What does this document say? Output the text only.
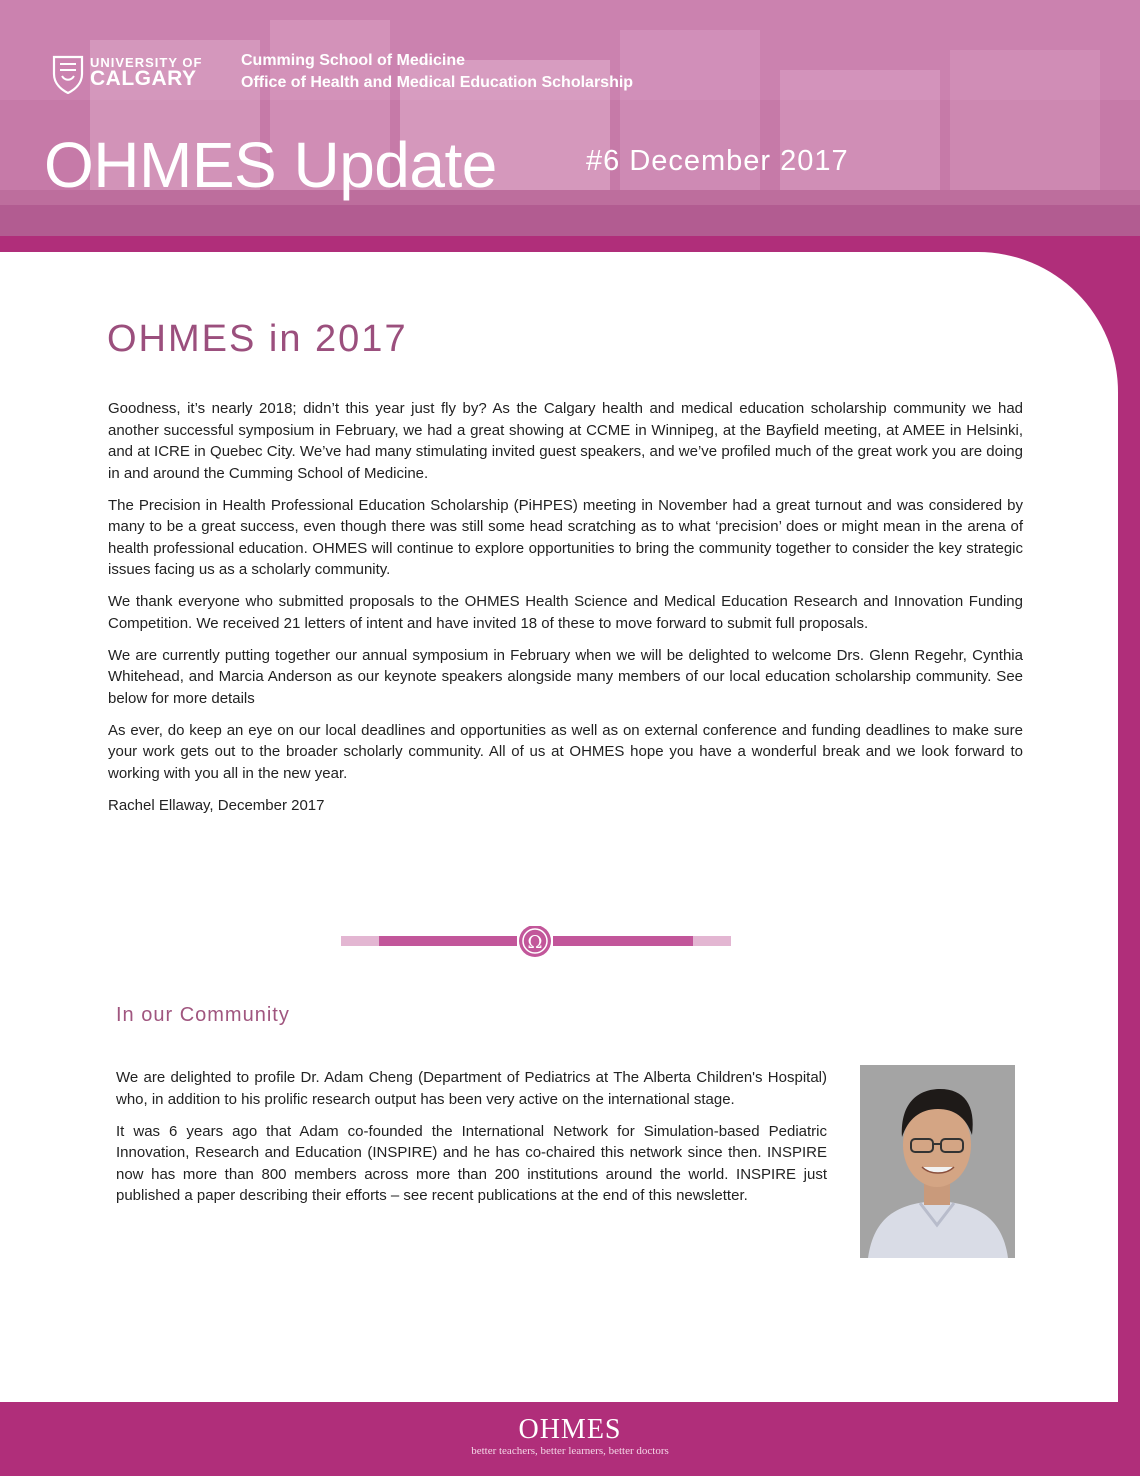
UNIVERSITY OF
CALGARY
Cumming School of Medicine
Office of Health and Medical Education Scholarship
OHMES Update	#6 December 2017
OHMES in 2017

Goodness, it’s nearly 2018; didn’t this year just fly by? As the Calgary health and medical education scholarship community we had another successful symposium in February, we had a great showing at CCME in Winnipeg, at the Bayfield meeting, at AMEE in Helsinki, and at ICRE in Quebec City. We’ve had many stimulating invited guest speakers, and we’ve profiled much of the great work you are doing in and around the Cumming School of Medicine.

The Precision in Health Professional Education Scholarship (PiHPES) meeting in November had a great turnout and was considered by many to be a great success, even though there was still some head scratching as to what ‘precision’ does or might mean in the arena of health professional education. OHMES will continue to explore opportunities to bring the community together to consider the key strategic issues facing us as a scholarly community.

We thank everyone who submitted proposals to the OHMES Health Science and Medical Education Research and Innovation Funding Competition. We received 21 letters of intent and have invited 18 of these to move forward to submit full proposals.

We are currently putting together our annual symposium in February when we will be delighted to welcome Drs. Glenn Regehr, Cynthia Whitehead, and Marcia Anderson as our keynote speakers alongside many members of our local education scholarship community. See below for more details

As ever, do keep an eye on our local deadlines and opportunities as well as on external conference and funding deadlines to make sure your work gets out to the broader scholarly community. All of us at OHMES hope you have a wonderful break and we look forward to working with you all in the new year.

Rachel Ellaway, December 2017

Ω
In our Community

We are delighted to profile Dr. Adam Cheng (Department of Pediatrics at The Alberta Children's Hospital) who, in addition to his prolific research output has been very active on the international stage.

It was 6 years ago that Adam co-founded the International Network for Simulation-based Pediatric Innovation, Research and Education (INSPIRE) and he has co-chaired this network since then. INSPIRE now has more than 800 members across more than 200 institutions around the world. INSPIRE just published a paper describing their efforts – see recent publications at the end of this newsletter.

OHMES
better teachers, better learners, better doctors
